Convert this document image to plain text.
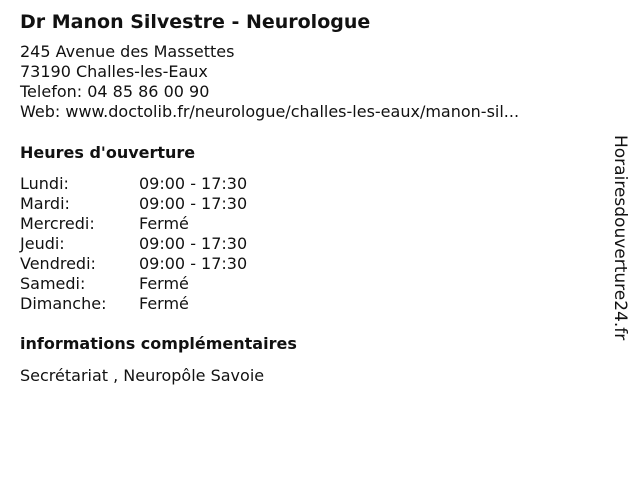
Dr Manon Silvestre - Neurologue
245 Avenue des Massettes
73190 Challes-les-Eaux
Telefon: 04 85 86 00 90
Web: www.doctolib.fr/neurologue/challes-les-eaux/manon-sil...
Heures d'ouverture
Lundi:	09:00 - 17:30
Mardi:	09:00 - 17:30
Mercredi:	Fermé
Jeudi:	09:00 - 17:30
Vendredi:	09:00 - 17:30
Samedi:	Fermé
Dimanche:	Fermé
informations complémentaires
Secrétariat , Neuropôle Savoie
Horairesdouverture24.fr
